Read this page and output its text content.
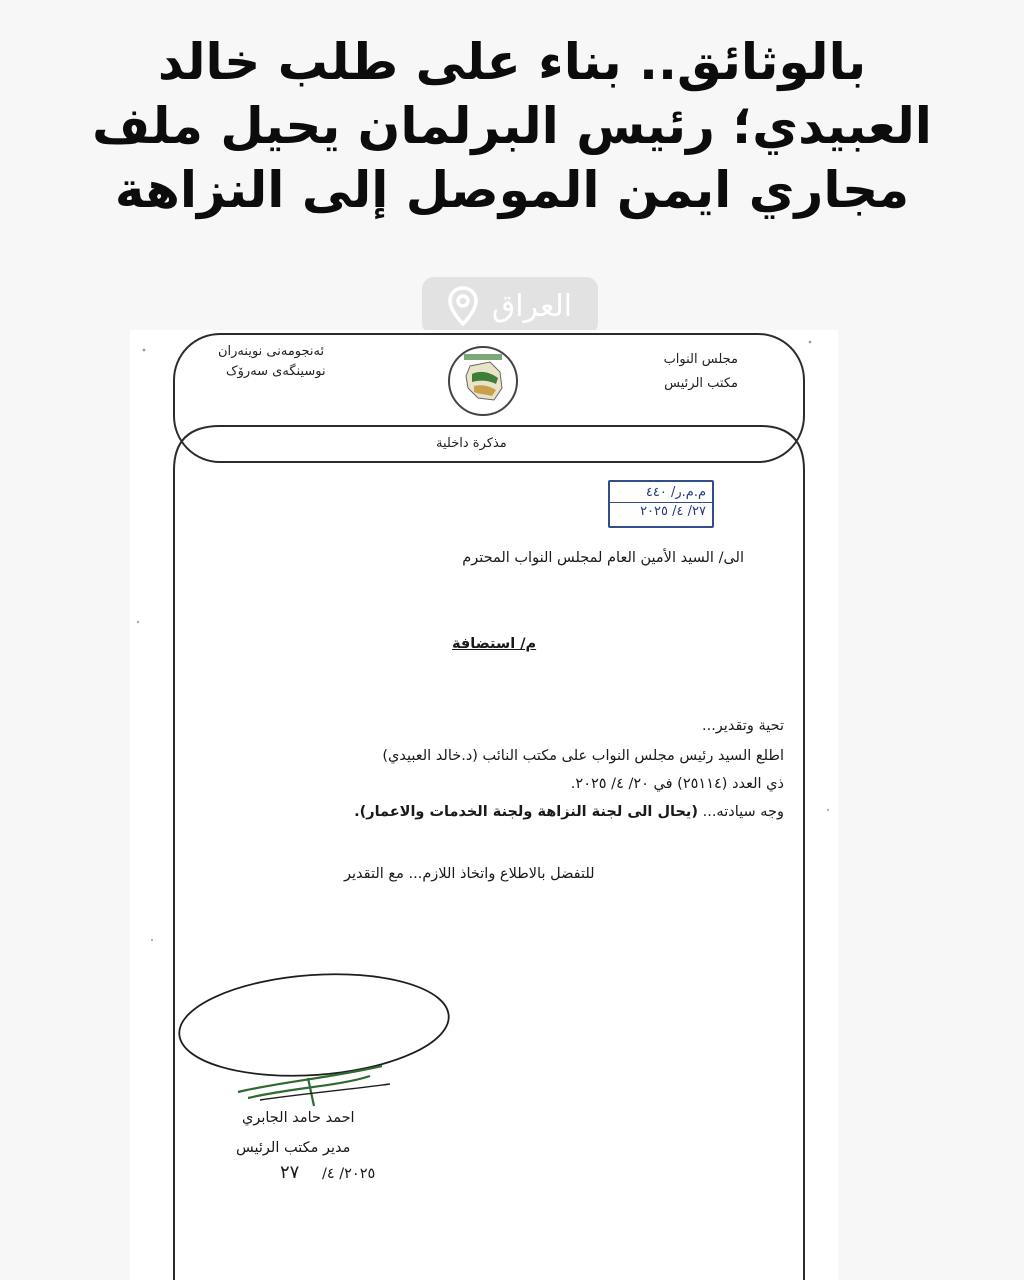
بالوثائق.. بناء على طلب خالد
العبيدي؛ رئيس البرلمان يحيل ملف
مجاري ايمن الموصل إلى النزاهة
العراق
مجلس النواب
مكتب الرئيس
ئەنجومەنی نوینەران
نوسینگەی سەرۆک
مذكرة داخلية
م.م.ر/ ٤٤٠
٢٧/ ٤/ ٢٠٢٥
الى/ السيد الأمين العام لمجلس النواب المحترم
م/ استضافة
تحية وتقدير...
اطلع السيد رئيس مجلس النواب على مكتب النائب (د.خالد العبيدي)
ذي العدد (٢٥١١٤) في ٢٠/ ٤/ ٢٠٢٥.
وجه سيادته... (يحال الى لجنة النزاهة ولجنة الخدمات والاعمار).
للتفضل بالاطلاع واتخاذ اللازم... مع التقدير
احمد حامد الجابري
مدير مكتب الرئيس
٢٠٢٥/ ٤/ ٢٧
